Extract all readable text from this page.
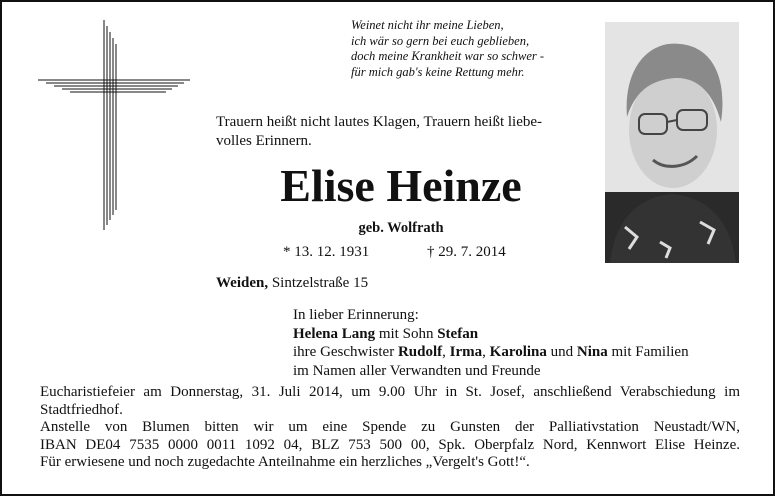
Weinet nicht ihr meine Lieben,
ich wär so gern bei euch geblieben,
doch meine Krankheit war so schwer -
für mich gab's keine Rettung mehr.
Trauern heißt nicht lautes Klagen, Trauern heißt liebe-
volles Erinnern.
Elise Heinze
geb. Wolfrath
* 13. 12. 1931	† 29. 7. 2014
Weiden, Sintzelstraße 15
In lieber Erinnerung:
Helena Lang mit Sohn Stefan
ihre Geschwister Rudolf, Irma, Karolina und Nina mit Familien
im Namen aller Verwandten und Freunde
Eucharistiefeier am Donnerstag, 31. Juli 2014, um 9.00 Uhr in St. Josef, anschließend Verabschiedung im
Stadtfriedhof.
Anstelle von Blumen bitten wir um eine Spende zu Gunsten der Palliativstation Neustadt/WN,
IBAN DE04 7535 0000 0011 1092 04, BLZ 753 500 00, Spk. Oberpfalz Nord, Kennwort Elise Heinze.
Für erwiesene und noch zugedachte Anteilnahme ein herzliches „Vergelt's Gott!“.
